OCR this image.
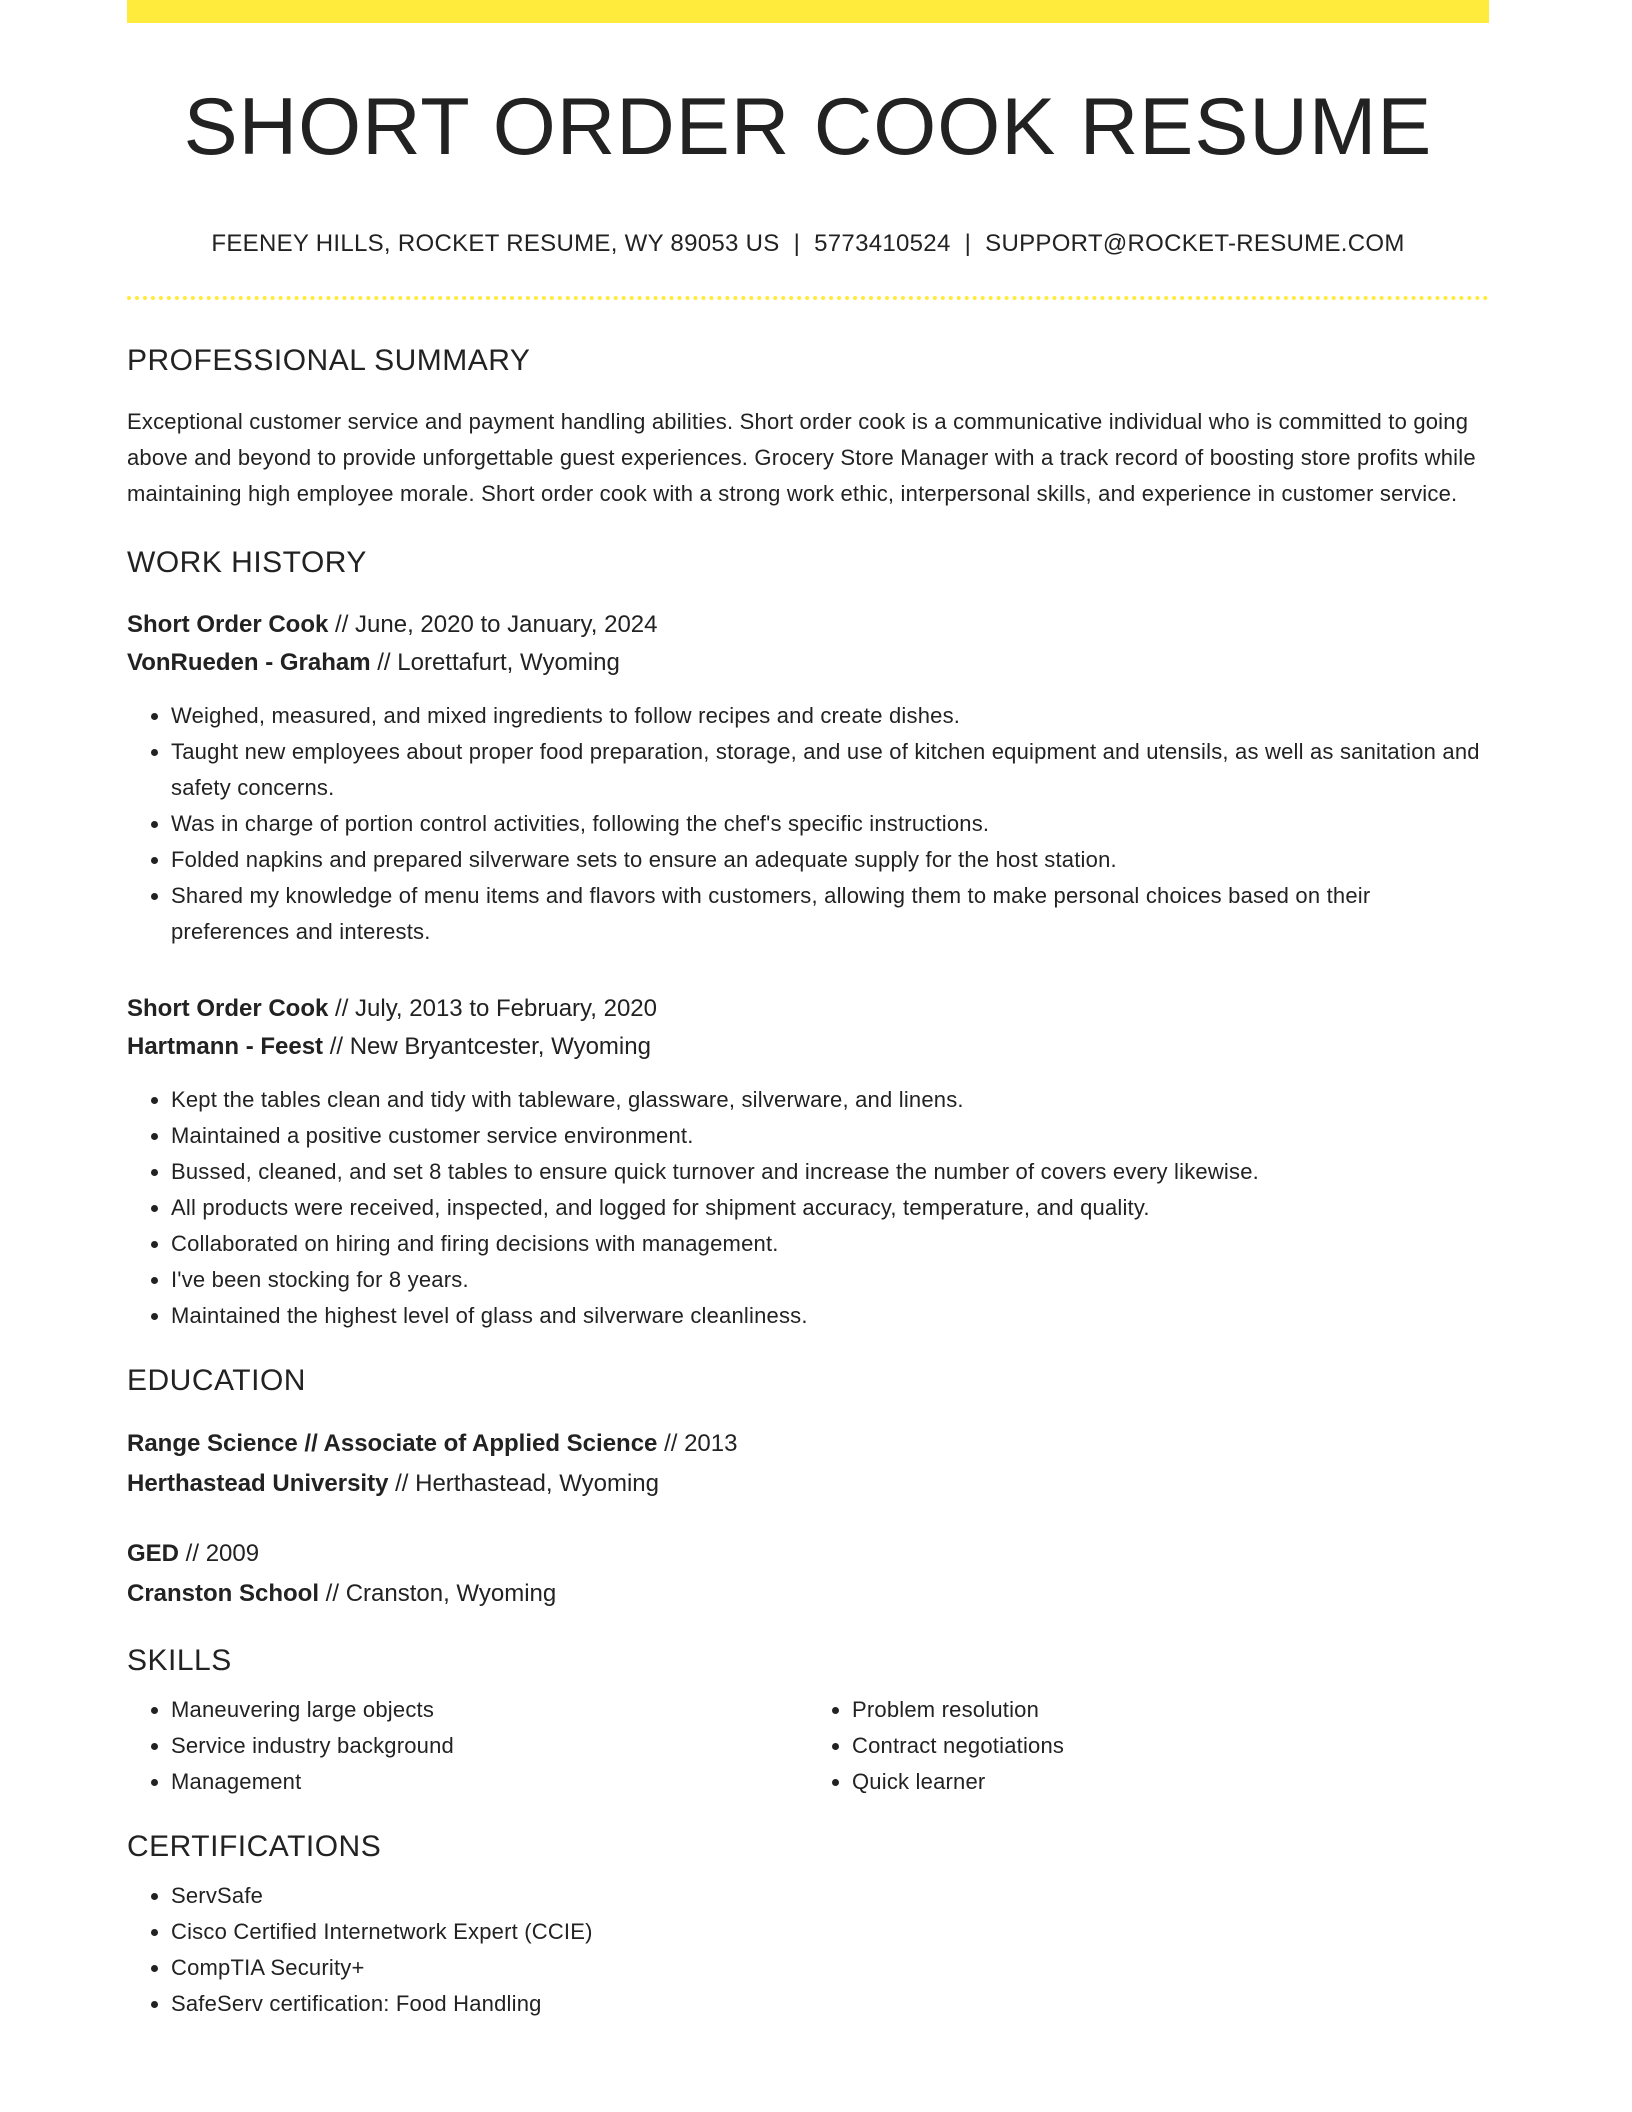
SHORT ORDER COOK RESUME
FEENEY HILLS, ROCKET RESUME, WY 89053 US | 5773410524 | SUPPORT@ROCKET-RESUME.COM
PROFESSIONAL SUMMARY

Exceptional customer service and payment handling abilities. Short order cook is a communicative individual who is committed to going above and beyond to provide unforgettable guest experiences. Grocery Store Manager with a track record of boosting store profits while maintaining high employee morale. Short order cook with a strong work ethic, interpersonal skills, and experience in customer service.

WORK HISTORY
Short Order Cook // June, 2020 to January, 2024
VonRueden - Graham // Lorettafurt, Wyoming
• Weighed, measured, and mixed ingredients to follow recipes and create dishes.
• Taught new employees about proper food preparation, storage, and use of kitchen equipment and utensils, as well as sanitation and safety concerns.
• Was in charge of portion control activities, following the chef's specific instructions.
• Folded napkins and prepared silverware sets to ensure an adequate supply for the host station.
• Shared my knowledge of menu items and flavors with customers, allowing them to make personal choices based on their preferences and interests.
Short Order Cook // July, 2013 to February, 2020
Hartmann - Feest // New Bryantcester, Wyoming
• Kept the tables clean and tidy with tableware, glassware, silverware, and linens.
• Maintained a positive customer service environment.
• Bussed, cleaned, and set 8 tables to ensure quick turnover and increase the number of covers every likewise.
• All products were received, inspected, and logged for shipment accuracy, temperature, and quality.
• Collaborated on hiring and firing decisions with management.
• I've been stocking for 8 years.
• Maintained the highest level of glass and silverware cleanliness.
EDUCATION
Range Science // Associate of Applied Science // 2013
Herthastead University // Herthastead, Wyoming
GED // 2009
Cranston School // Cranston, Wyoming
SKILLS
• Maneuvering large objects
• Service industry background
• Management
• Problem resolution
• Contract negotiations
• Quick learner
CERTIFICATIONS
• ServSafe
• Cisco Certified Internetwork Expert (CCIE)
• CompTIA Security+
• SafeServ certification: Food Handling
